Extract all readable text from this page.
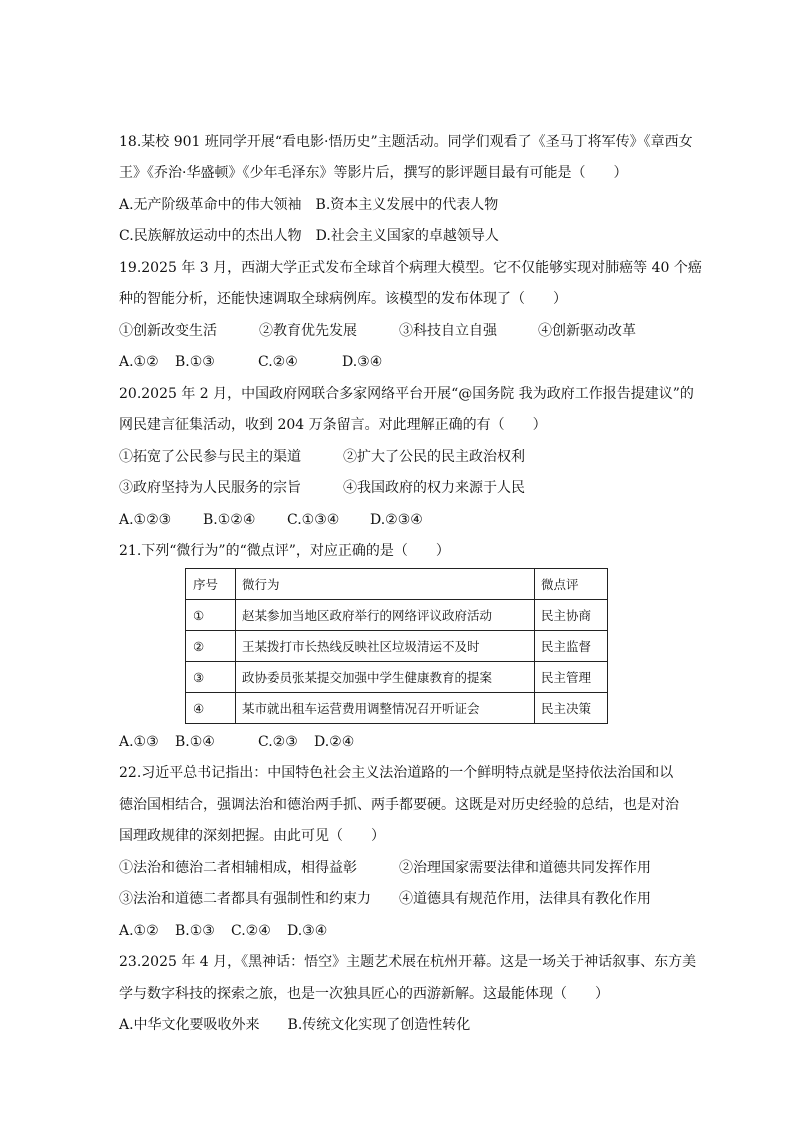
18.某校 901 班同学开展“看电影·悟历史”主题活动。同学们观看了《圣马丁将军传》《章西女
王》《乔治·华盛顿》《少年毛泽东》等影片后，撰写的影评题目最有可能是（　　）
A.无产阶级革命中的伟大领袖　B.资本主义发展中的代表人物
C.民族解放运动中的杰出人物　D.社会主义国家的卓越领导人
19.2025 年 3 月，西湖大学正式发布全球首个病理大模型。它不仅能够实现对肺癌等 40 个癌
种的智能分析，还能快速调取全球病例库。该模型的发布体现了（　　）
①创新改变生活	②教育优先发展	③科技自立自强	④创新驱动改革
A.①② B.①③	C.②④	D.③④
20.2025 年 2 月，中国政府网联合多家网络平台开展“@国务院 我为政府工作报告提建议”的
网民建言征集活动，收到 204 万条留言。对此理解正确的有（　　）
①拓宽了公民参与民主的渠道	②扩大了公民的民主政治权利
③政府坚持为人民服务的宗旨	④我国政府的权力来源于人民
A.①②③ B.①②④ C.①③④ D.②③④
21.下列“微行为”的“微点评”，对应正确的是（　　）
序号	微行为	微点评
①	赵某参加当地区政府举行的网络评议政府活动	民主协商
②	王某拨打市长热线反映社区垃圾清运不及时	民主监督
③	政协委员张某提交加强中学生健康教育的提案	民主管理
④	某市就出租车运营费用调整情况召开听证会	民主决策
A.①③ B.①④	C.②③ D.②④
22.习近平总书记指出：中国特色社会主义法治道路的一个鲜明特点就是坚持依法治国和以
德治国相结合，强调法治和德治两手抓、两手都要硬。这既是对历史经验的总结，也是对治
国理政规律的深刻把握。由此可见（　　）
①法治和德治二者相辅相成，相得益彰	②治理国家需要法律和道德共同发挥作用
③法治和道德二者都具有强制性和约束力 ④道德具有规范作用，法律具有教化作用
A.①② B.①③ C.②④ D.③④
23.2025 年 4 月，《黑神话：悟空》主题艺术展在杭州开幕。这是一场关于神话叙事、东方美
学与数字科技的探索之旅，也是一次独具匠心的西游新解。这最能体现（　　）
A.中华文化要吸收外来　　B.传统文化实现了创造性转化
